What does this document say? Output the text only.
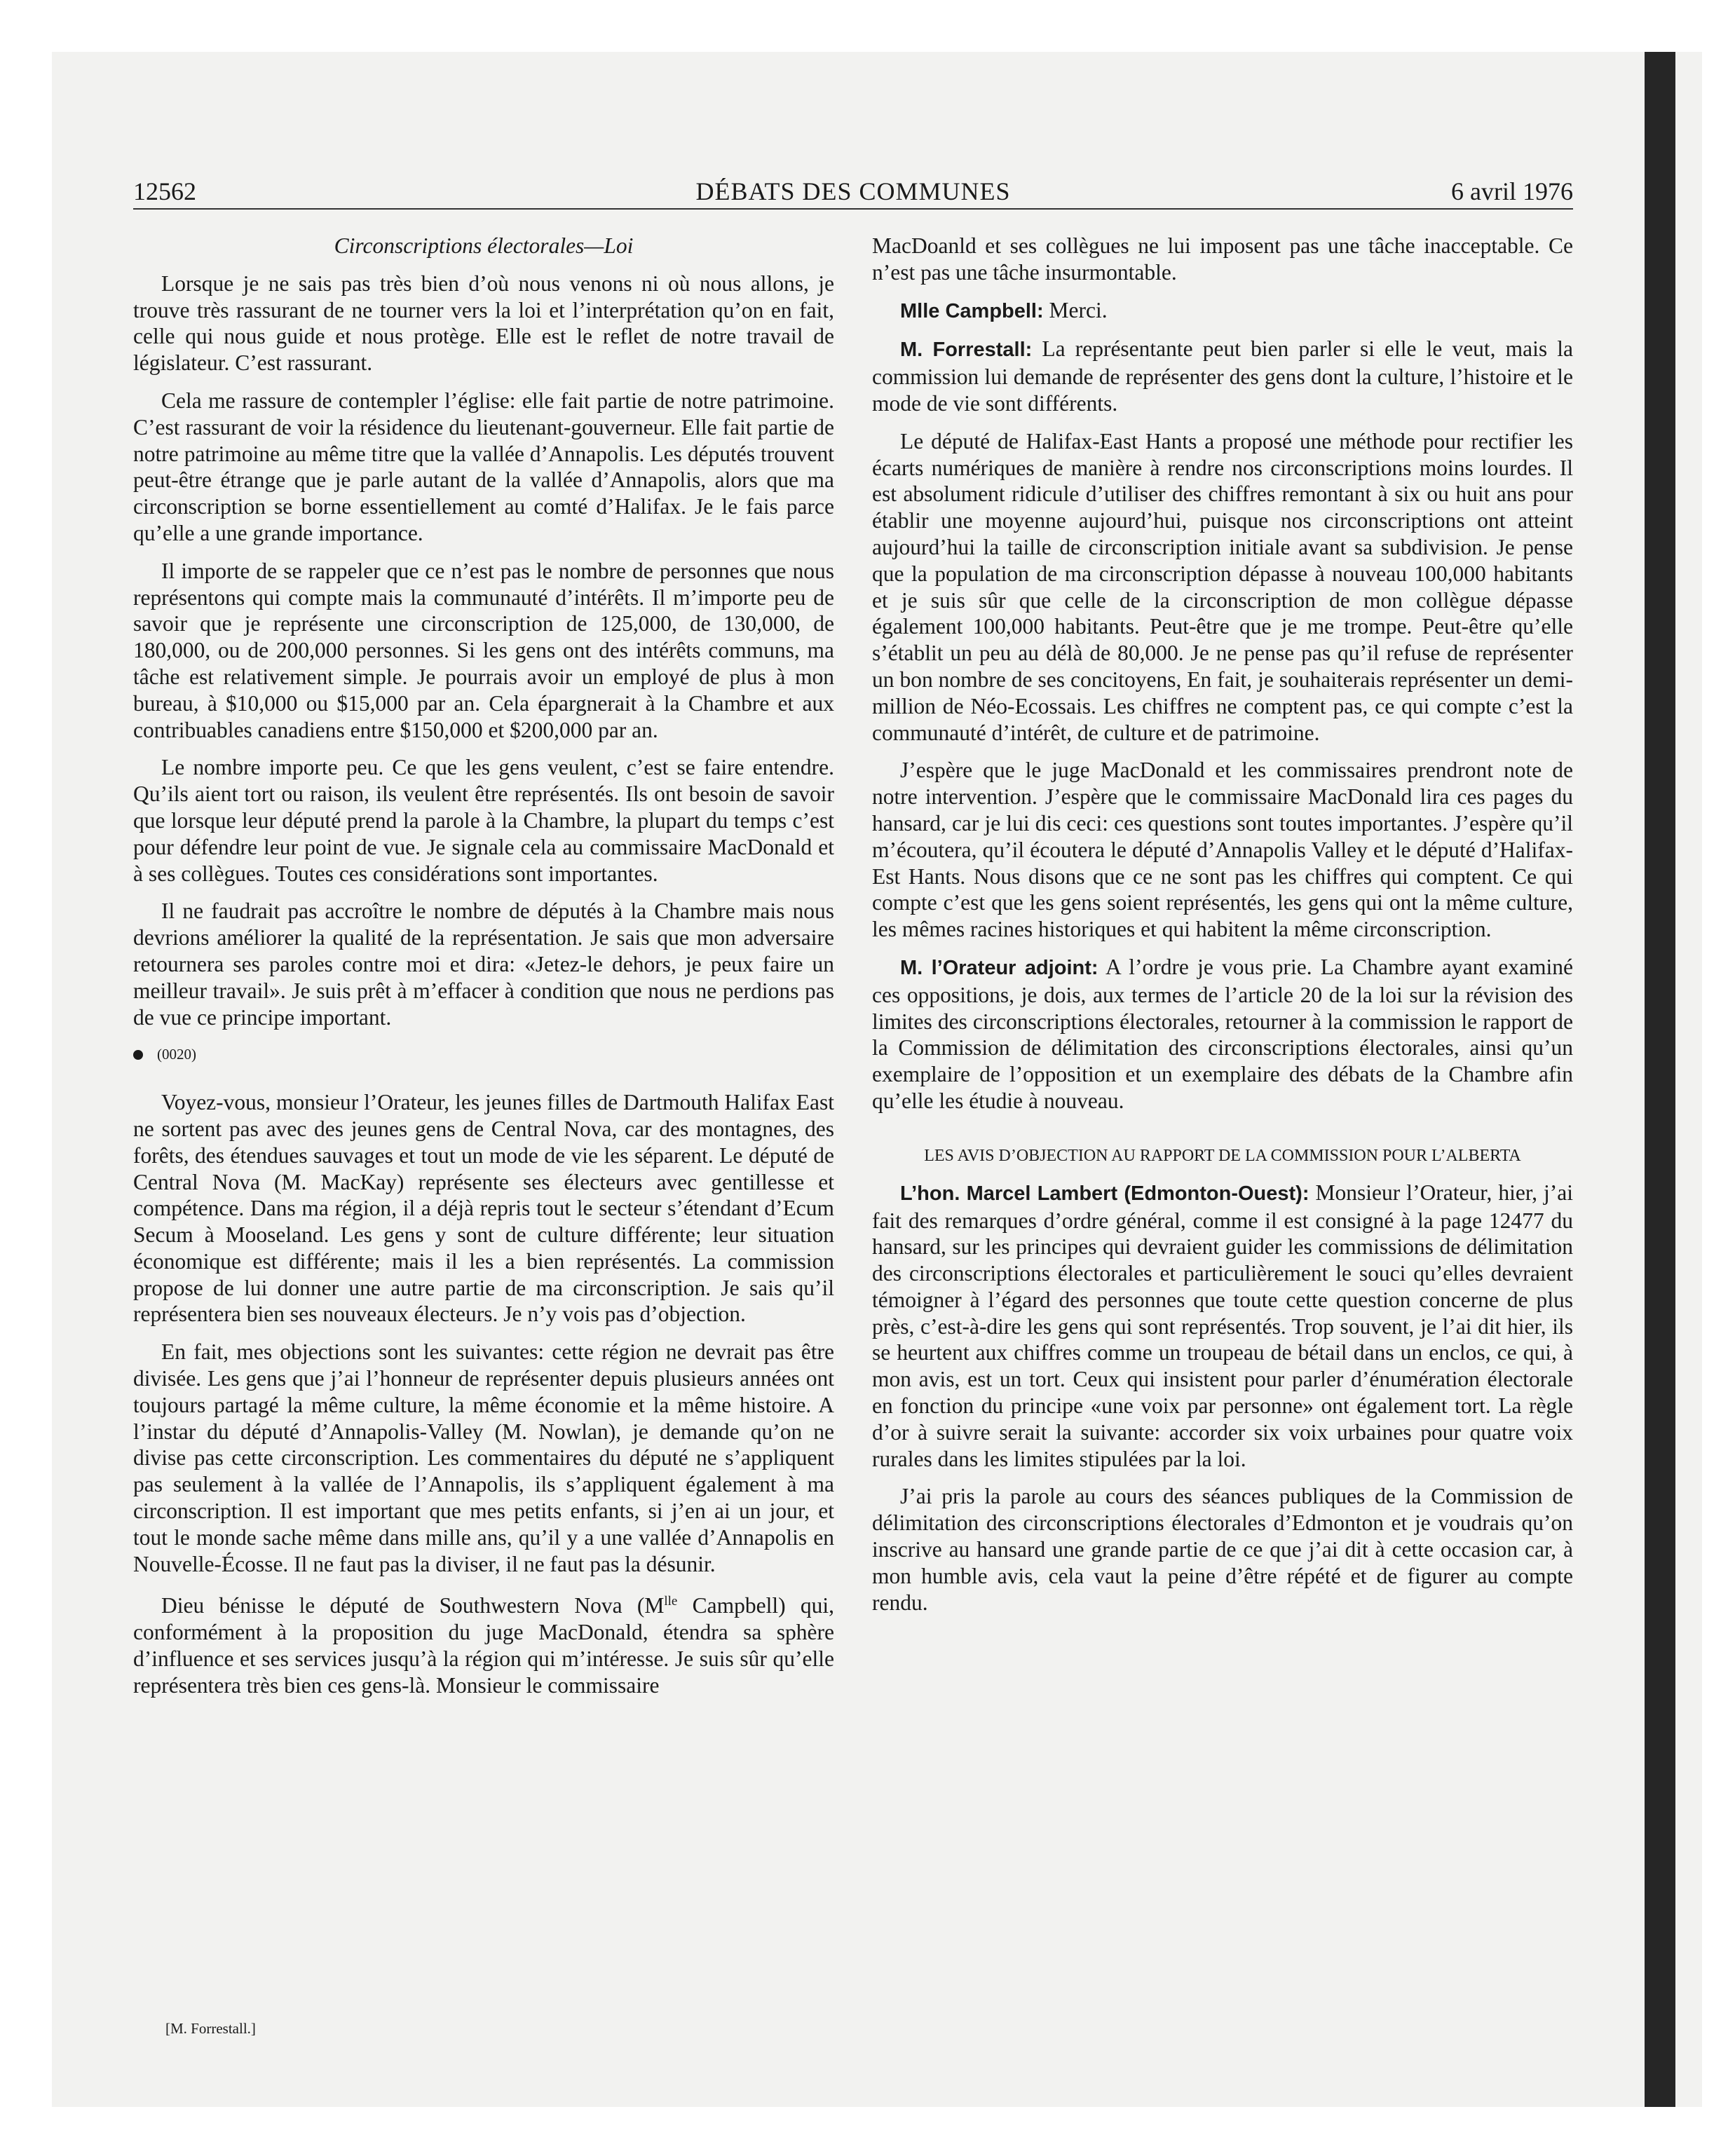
12562	DÉBATS DES COMMUNES	6 avril 1976

Circonscriptions électorales—Loi

Lorsque je ne sais pas très bien d’où nous venons ni où nous allons, je trouve très rassurant de ne tourner vers la loi et l’interprétation qu’on en fait, celle qui nous guide et nous protège. Elle est le reflet de notre travail de législateur. C’est rassurant.

Cela me rassure de contempler l’église: elle fait partie de notre patrimoine. C’est rassurant de voir la résidence du lieutenant-gouverneur. Elle fait partie de notre patrimoine au même titre que la vallée d’Annapolis. Les députés trouvent peut-être étrange que je parle autant de la vallée d’Annapolis, alors que ma circonscription se borne essentiellement au comté d’Halifax. Je le fais parce qu’elle a une grande importance.

Il importe de se rappeler que ce n’est pas le nombre de personnes que nous représentons qui compte mais la communauté d’intérêts. Il m’importe peu de savoir que je représente une circonscription de 125,000, de 130,000, de 180,000, ou de 200,000 personnes. Si les gens ont des intérêts communs, ma tâche est relativement simple. Je pourrais avoir un employé de plus à mon bureau, à $10,000 ou $15,000 par an. Cela épargnerait à la Chambre et aux contribuables canadiens entre $150,000 et $200,000 par an.

Le nombre importe peu. Ce que les gens veulent, c’est se faire entendre. Qu’ils aient tort ou raison, ils veulent être représentés. Ils ont besoin de savoir que lorsque leur député prend la parole à la Chambre, la plupart du temps c’est pour défendre leur point de vue. Je signale cela au commissaire MacDonald et à ses collègues. Toutes ces considérations sont importantes.

Il ne faudrait pas accroître le nombre de députés à la Chambre mais nous devrions améliorer la qualité de la représentation. Je sais que mon adversaire retournera ses paroles contre moi et dira: «Jetez-le dehors, je peux faire un meilleur travail». Je suis prêt à m’effacer à condition que nous ne perdions pas de vue ce principe important.

(0020)

Voyez-vous, monsieur l’Orateur, les jeunes filles de Dartmouth Halifax East ne sortent pas avec des jeunes gens de Central Nova, car des montagnes, des forêts, des étendues sauvages et tout un mode de vie les séparent. Le député de Central Nova (M. MacKay) représente ses électeurs avec gentillesse et compétence. Dans ma région, il a déjà repris tout le secteur s’étendant d’Ecum Secum à Mooseland. Les gens y sont de culture différente; leur situation économique est différente; mais il les a bien représentés. La commission propose de lui donner une autre partie de ma circonscription. Je sais qu’il représentera bien ses nouveaux électeurs. Je n’y vois pas d’objection.

En fait, mes objections sont les suivantes: cette région ne devrait pas être divisée. Les gens que j’ai l’honneur de représenter depuis plusieurs années ont toujours partagé la même culture, la même économie et la même histoire. A l’instar du député d’Annapolis-Valley (M. Nowlan), je demande qu’on ne divise pas cette circonscription. Les commentaires du député ne s’appliquent pas seulement à la vallée de l’Annapolis, ils s’appliquent également à ma circonscription. Il est important que mes petits enfants, si j’en ai un jour, et tout le monde sache même dans mille ans, qu’il y a une vallée d’Annapolis en Nouvelle-Écosse. Il ne faut pas la diviser, il ne faut pas la désunir.

Dieu bénisse le député de Southwestern Nova ($M^{lle}$ Campbell) qui, conformément à la proposition du juge MacDonald, étendra sa sphère d’influence et ses services jusqu’à la région qui m’intéresse. Je suis sûr qu’elle représentera très bien ces gens-là. Monsieur le commissaire

MacDoanld et ses collègues ne lui imposent pas une tâche inacceptable. Ce n’est pas une tâche insurmontable.

Mlle Campbell: Merci.

M. Forrestall: La représentante peut bien parler si elle le veut, mais la commission lui demande de représenter des gens dont la culture, l’histoire et le mode de vie sont différents.

Le député de Halifax-East Hants a proposé une méthode pour rectifier les écarts numériques de manière à rendre nos circonscriptions moins lourdes. Il est absolument ridicule d’utiliser des chiffres remontant à six ou huit ans pour établir une moyenne aujourd’hui, puisque nos circonscriptions ont atteint aujourd’hui la taille de circonscription initiale avant sa subdivision. Je pense que la population de ma circonscription dépasse à nouveau 100,000 habitants et je suis sûr que celle de la circonscription de mon collègue dépasse également 100,000 habitants. Peut-être que je me trompe. Peut-être qu’elle s’établit un peu au délà de 80,000. Je ne pense pas qu’il refuse de représenter un bon nombre de ses concitoyens, En fait, je souhaiterais représenter un demi-million de Néo-Ecossais. Les chiffres ne comptent pas, ce qui compte c’est la communauté d’intérêt, de culture et de patrimoine.

J’espère que le juge MacDonald et les commissaires prendront note de notre intervention. J’espère que le commissaire MacDonald lira ces pages du hansard, car je lui dis ceci: ces questions sont toutes importantes. J’espère qu’il m’écoutera, qu’il écoutera le député d’Annapolis Valley et le député d’Halifax-Est Hants. Nous disons que ce ne sont pas les chiffres qui comptent. Ce qui compte c’est que les gens soient représentés, les gens qui ont la même culture, les mêmes racines historiques et qui habitent la même circonscription.

M. l’Orateur adjoint: A l’ordre je vous prie. La Chambre ayant examiné ces oppositions, je dois, aux termes de l’article 20 de la loi sur la révision des limites des circonscriptions électorales, retourner à la commission le rapport de la Commission de délimitation des circonscriptions électorales, ainsi qu’un exemplaire de l’opposition et un exemplaire des débats de la Chambre afin qu’elle les étudie à nouveau.

LES AVIS D’OBJECTION AU RAPPORT DE LA COMMISSION POUR L’ALBERTA

L’hon. Marcel Lambert (Edmonton-Ouest): Monsieur l’Orateur, hier, j’ai fait des remarques d’ordre général, comme il est consigné à la page 12477 du hansard, sur les principes qui devraient guider les commissions de délimitation des circonscriptions électorales et particulièrement le souci qu’elles devraient témoigner à l’égard des personnes que toute cette question concerne de plus près, c’est-à-dire les gens qui sont représentés. Trop souvent, je l’ai dit hier, ils se heurtent aux chiffres comme un troupeau de bétail dans un enclos, ce qui, à mon avis, est un tort. Ceux qui insistent pour parler d’énumération électorale en fonction du principe «une voix par personne» ont également tort. La règle d’or à suivre serait la suivante: accorder six voix urbaines pour quatre voix rurales dans les limites stipulées par la loi.

J’ai pris la parole au cours des séances publiques de la Commission de délimitation des circonscriptions électorales d’Edmonton et je voudrais qu’on inscrive au hansard une grande partie de ce que j’ai dit à cette occasion car, à mon humble avis, cela vaut la peine d’être répété et de figurer au compte rendu.

[M. Forrestall.]
